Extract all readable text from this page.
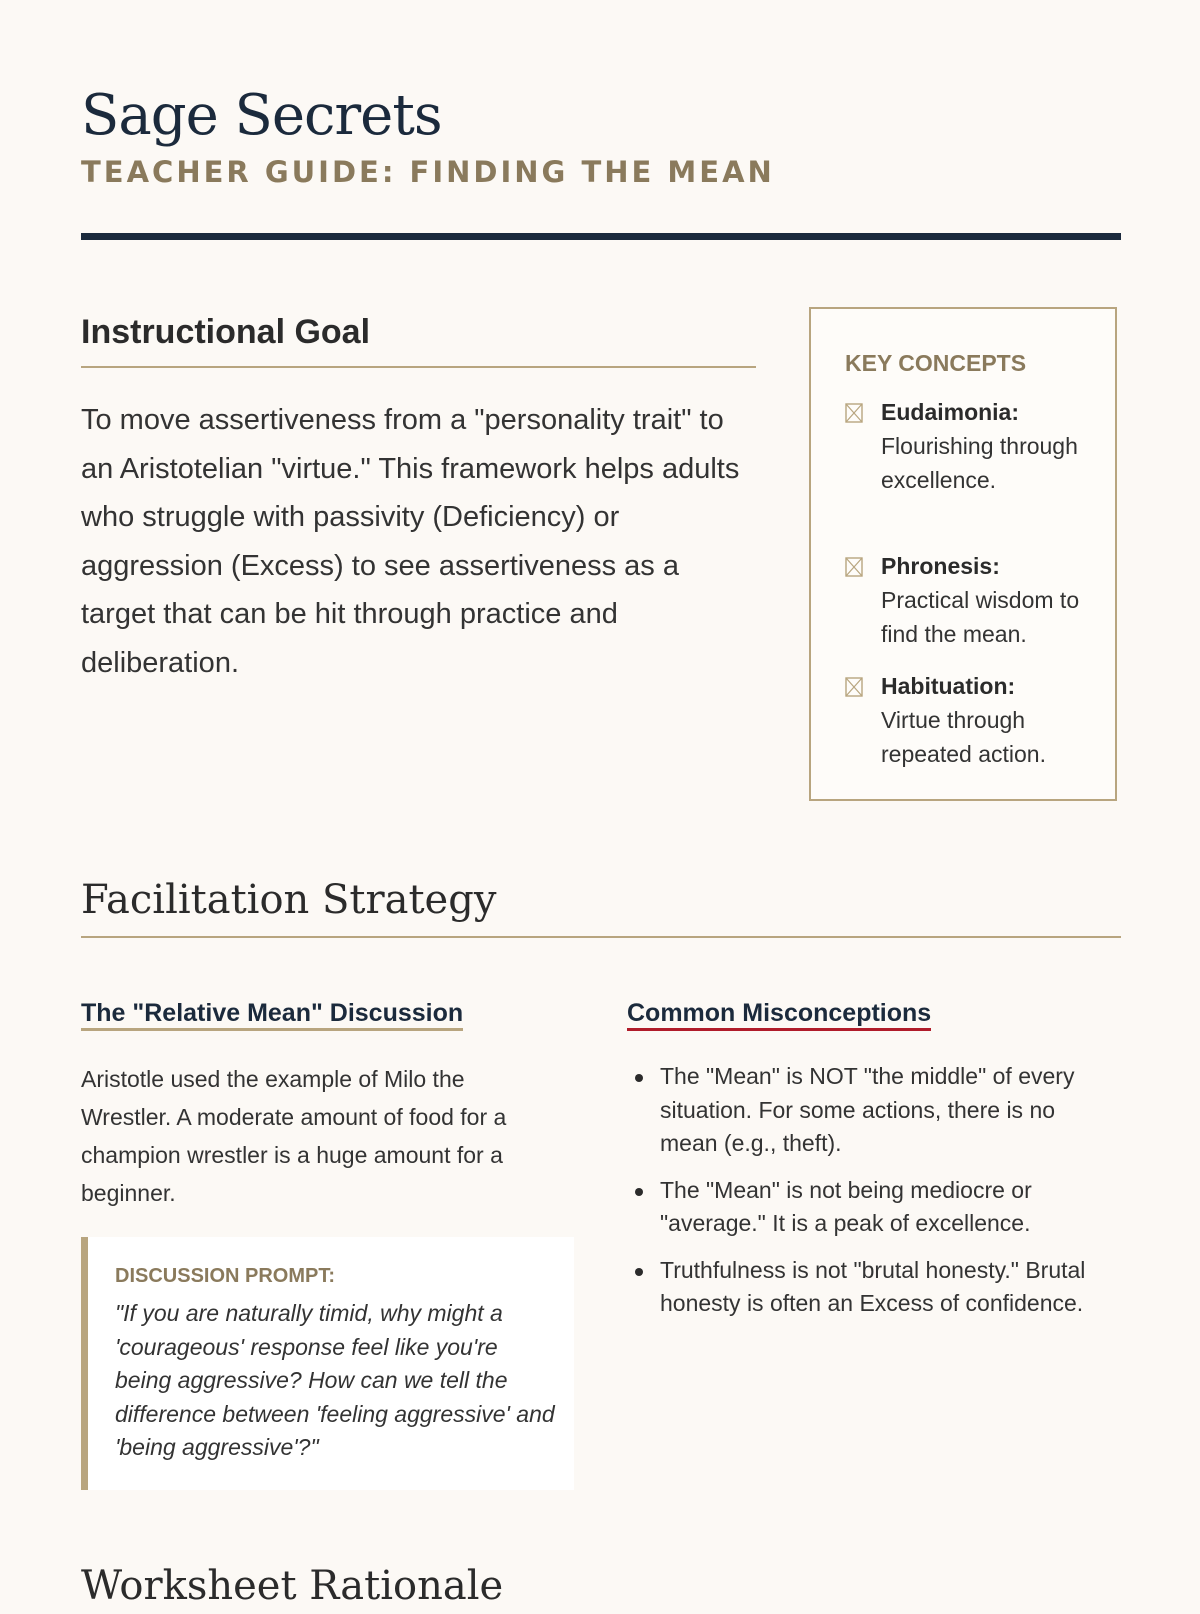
Sage Secrets
TEACHER GUIDE: FINDING THE MEAN
Instructional Goal

To move assertiveness from a "personality trait" to an Aristotelian "virtue." This framework helps adults who struggle with passivity (Deficiency) or aggression (Excess) to see assertiveness as a target that can be hit through practice and deliberation.

KEY CONCEPTS
Eudaimonia:
Flourishing through excellence.
Phronesis:
Practical wisdom to find the mean.
Habituation:
Virtue through repeated action.
Facilitation Strategy
The "Relative Mean" Discussion

Aristotle used the example of Milo the Wrestler. A moderate amount of food for a champion wrestler is a huge amount for a beginner.

DISCUSSION PROMPT:

"If you are naturally timid, why might a 'courageous' response feel like you're being aggressive? How can we tell the difference between 'feeling aggressive' and 'being aggressive'?"

Common Misconceptions
The "Mean" is NOT "the middle" of every situation. For some actions, there is no mean (e.g., theft).
The "Mean" is not being mediocre or "average." It is a peak of excellence.
Truthfulness is not "brutal honesty." Brutal honesty is often an Excess of confidence.
Worksheet Rationale
